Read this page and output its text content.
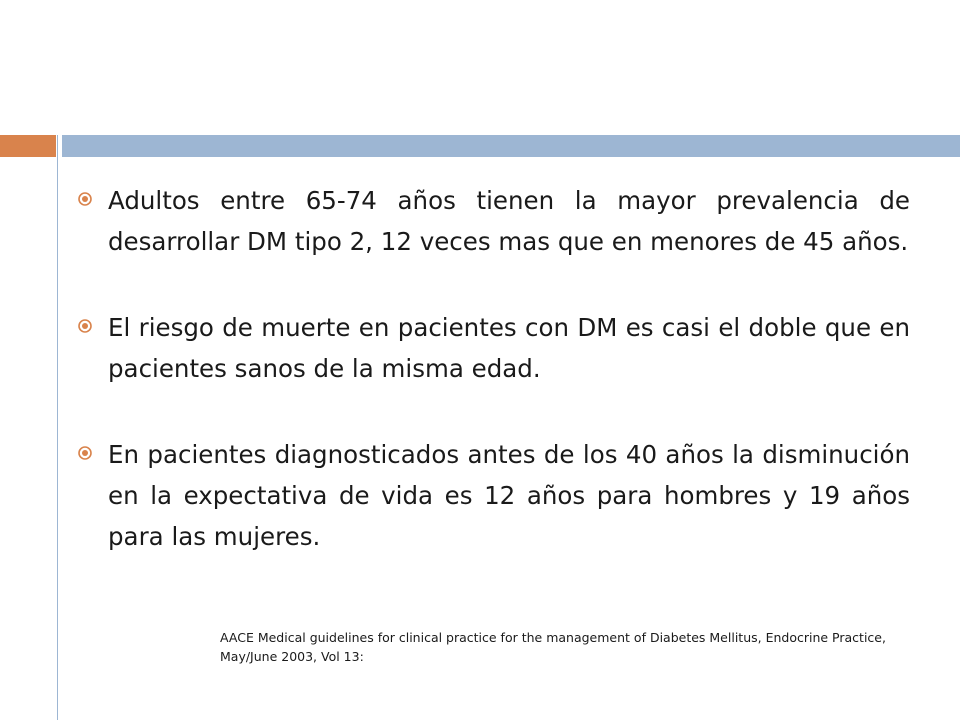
Adultos entre 65-74 años tienen la mayor prevalencia de desarrollar DM tipo 2, 12 veces mas que en menores de 45 años.
El riesgo de muerte en pacientes con DM es casi el doble que en pacientes sanos de la misma edad.
En pacientes diagnosticados antes de los 40 años la disminución en la expectativa de vida es 12 años para hombres y 19 años para las mujeres.
AACE Medical guidelines for clinical practice for the management of Diabetes Mellitus, Endocrine Practice,
May/June 2003, Vol 13:
